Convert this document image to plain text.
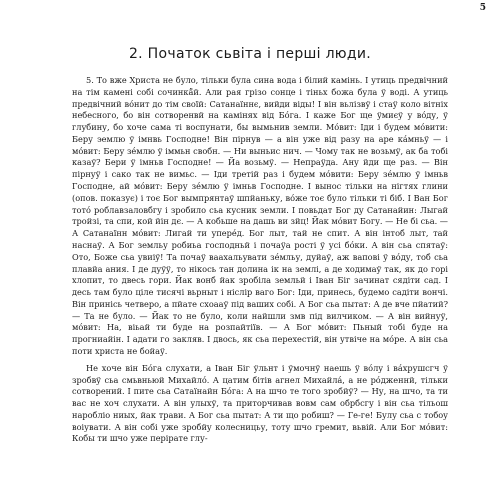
5
2. Початок сьвіта і перші люди.

5. То вже Христа не було, тільки була сина вода і білий камінь. І утиць предвічний на тім камені собі сочинкâ̈й. Али рая грізо сонце і тіньх божа була ў воді. А утиць предвічний вóнит до тім своїй: Сатанаїннє, вийди віды! І він вьлізвў і стаў коло вітніх небесного, бо він сотворенвй на камінях від Бóга. І каже Бог ще ўмиєў у вóду, ў глубину, бо хоче сама ті воспунати, бы вымьнив земли. Мóвит: Іди і будем мóвити: Беру эемлю ў імнвь Господне! Він пірнув — а він уже від разу на аре кáмньў — і мóвит: Беру зéмлю ў іммьн свобн. — Ни выньис нич. — Чому так не возьмў, ак ба тобі казаў? Бери ў імньв Господне! — Йа возьмў. — Непраўда. Ану йди ще раз. — Він пірнуў і сако так не вимьс. — Іди третій раз і будем мóвити: Беру зéмлю ў імньв Господне, ай мóвит: Беру зéмлю ў імньв Господне. І вынос тільки на нігтях глини (опов. показує) і тоє Бог вымпрянтаў шпйаньку, вóже тоє було тільки ті біб. І Ван Бог тотó роблавзаловбгу і зробило сьа кусник земли. І повьдат Бог ду Сатанайин: Лыгай тройзі, та спи, кой йін дє. — А кобьше на дашь ви зйц! Йак мóвит Богу. — Не бі сьа. — А Сатанаїнн мóвит: Лигай ти уперéд. Бог лыт, тай не спит. А він інтоб лыт, тай наснаў. А Бог земльу робиьа господньй і почаўа рості ў усі бóки. А він сьа спятаў: Ото, Боже сьа увиіў! Та почаў ваахальувати зéмльу, дуйаў, аж вапові ў вóду, тоб сьа плавйа ания. І де дуўў, то нікось тан долина ік на землі, а де ходимаў так, як до горі хлопит, то двесь гори. Йак вонб йак зробіла земльй і Іван Біг зачинат сядіти сад. І десь там було ціле тисячі вьрныт і ніслір ваго Бог: Іди, принесь, будемо садіти вончі. Він принісь четверо, а пйате схоааў під ваших собі. А Бог сьа пытат: А де вче пйатий? — Та не було. — Йак то не було, коли найшли змв під вилчиком. — А він вийнуў, мóвит: На, віьай ти буде на розпайтіїв. — А Бог мóвит: Пьный тобі буде на прогниайін. І адати го закляв. І двось, як сьа перехестій, він утвіче на мóре. А він сьа поти христа не бойаў.

Не хоче він Бóга слухати, а Іван Біг ўльнт і ўмочнў наешь ў вóлу і вáхрушсгч ў зробвў сьа смьвньюй Михайлó. А цатим бітів агнел Михайлá, а не рóдженнй, тільки сотворений. І пите сьа Сатаїнайн Бóга: А на шчо те того зробйў? — Ну, на шчо, та ти вас не хоч слухати. А він улыхў, та приторчивав вовм сам обрбсгу і він сьа тільош наробліо ниых, йак трави. А Бог сьа пытат: А ти що робиш? — Ге-ге! Булу сьа с тобоу воіувати. А він собі уже зробйу колесницьу, тоту шчо гремит, вьвій. Али Бог мóвит: Кобы ти шчо уже перірате глу-
